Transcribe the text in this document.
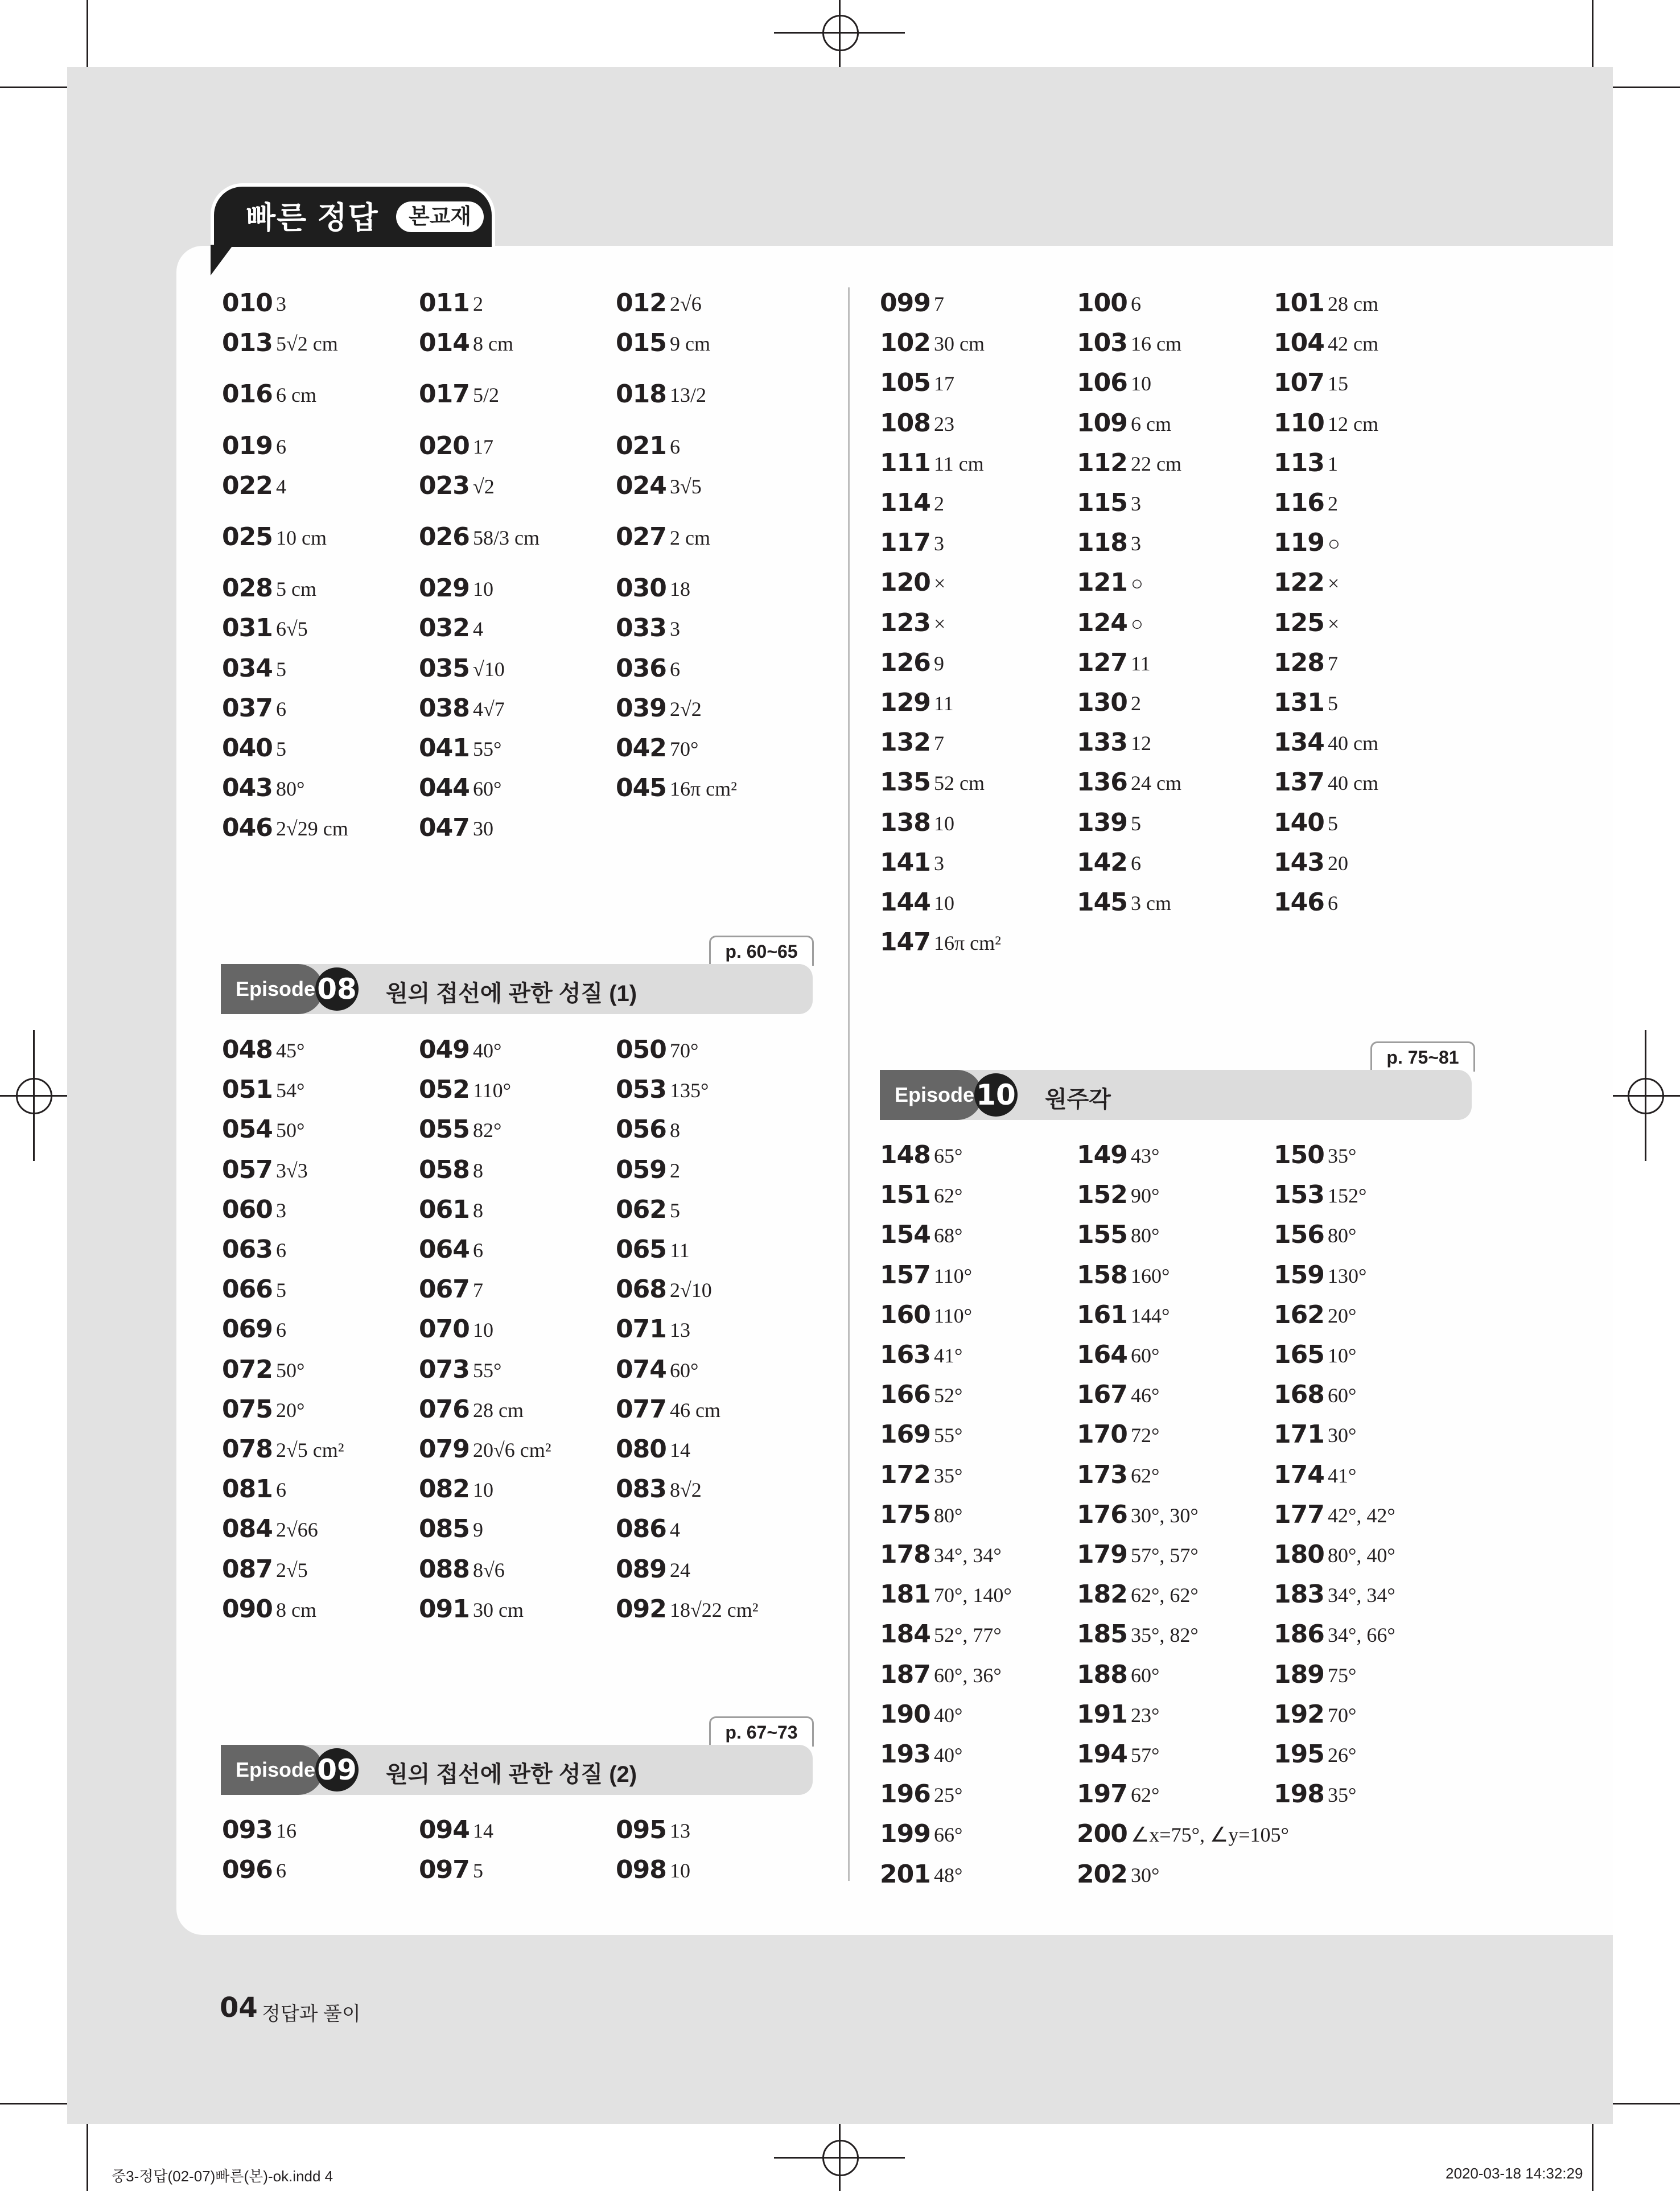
빠른 정답	본교재
p. 60~65
Episode 08 원의 접선에 관한 성질 (1)
p. 67~73
Episode 09 원의 접선에 관한 성질 (2)
p. 75~81
Episode 10 원주각
010 3	011 2	012 2√6
013 5√2 cm	014 8 cm	015 9 cm
016 6 cm	017 5/2	018 13/2
019 6	020 17	021 6
022 4	023 √2	024 3√5
025 10 cm	026 58/3 cm	027 2 cm
028 5 cm	029 10	030 18
031 6√5	032 4	033 3
034 5	035 √10	036 6
037 6	038 4√7	039 2√2
040 5	041 55°	042 70°
043 80°	044 60°	045 16π cm²
046 2√29 cm	047 30
048 45°	049 40°	050 70°
051 54°	052 110°	053 135°
054 50°	055 82°	056 8
057 3√3	058 8	059 2
060 3	061 8	062 5
063 6	064 6	065 11
066 5	067 7	068 2√10
069 6	070 10	071 13
072 50°	073 55°	074 60°
075 20°	076 28 cm	077 46 cm
078 2√5 cm²	079 20√6 cm²	080 14
081 6	082 10	083 8√2
084 2√66	085 9	086 4
087 2√5	088 8√6	089 24
090 8 cm	091 30 cm	092 18√22 cm²
093 16	094 14	095 13
096 6	097 5	098 10
099 7	100 6	101 28 cm
102 30 cm	103 16 cm	104 42 cm
105 17	106 10	107 15
108 23	109 6 cm	110 12 cm
111 11 cm	112 22 cm	113 1
114 2	115 3	116 2
117 3	118 3	119 ○
120 ×	121 ○	122 ×
123 ×	124 ○	125 ×
126 9	127 11	128 7
129 11	130 2	131 5
132 7	133 12	134 40 cm
135 52 cm	136 24 cm	137 40 cm
138 10	139 5	140 5
141 3	142 6	143 20
144 10	145 3 cm	146 6
147 16π cm²
148 65°	149 43°	150 35°
151 62°	152 90°	153 152°
154 68°	155 80°	156 80°
157 110°	158 160°	159 130°
160 110°	161 144°	162 20°
163 41°	164 60°	165 10°
166 52°	167 46°	168 60°
169 55°	170 72°	171 30°
172 35°	173 62°	174 41°
175 80°	176 30°, 30°	177 42°, 42°
178 34°, 34°	179 57°, 57°	180 80°, 40°
181 70°, 140°	182 62°, 62°	183 34°, 34°
184 52°, 77°	185 35°, 82°	186 34°, 66°
187 60°, 36°	188 60°	189 75°
190 40°	191 23°	192 70°
193 40°	194 57°	195 26°
196 25°	197 62°	198 35°
199 66°	200 ∠x=75°, ∠y=105°
201 48°	202 30°
04 정답과 풀이
중3-정답(02-07)빠른(본)-ok.indd 4	2020-03-18 14:32:29
